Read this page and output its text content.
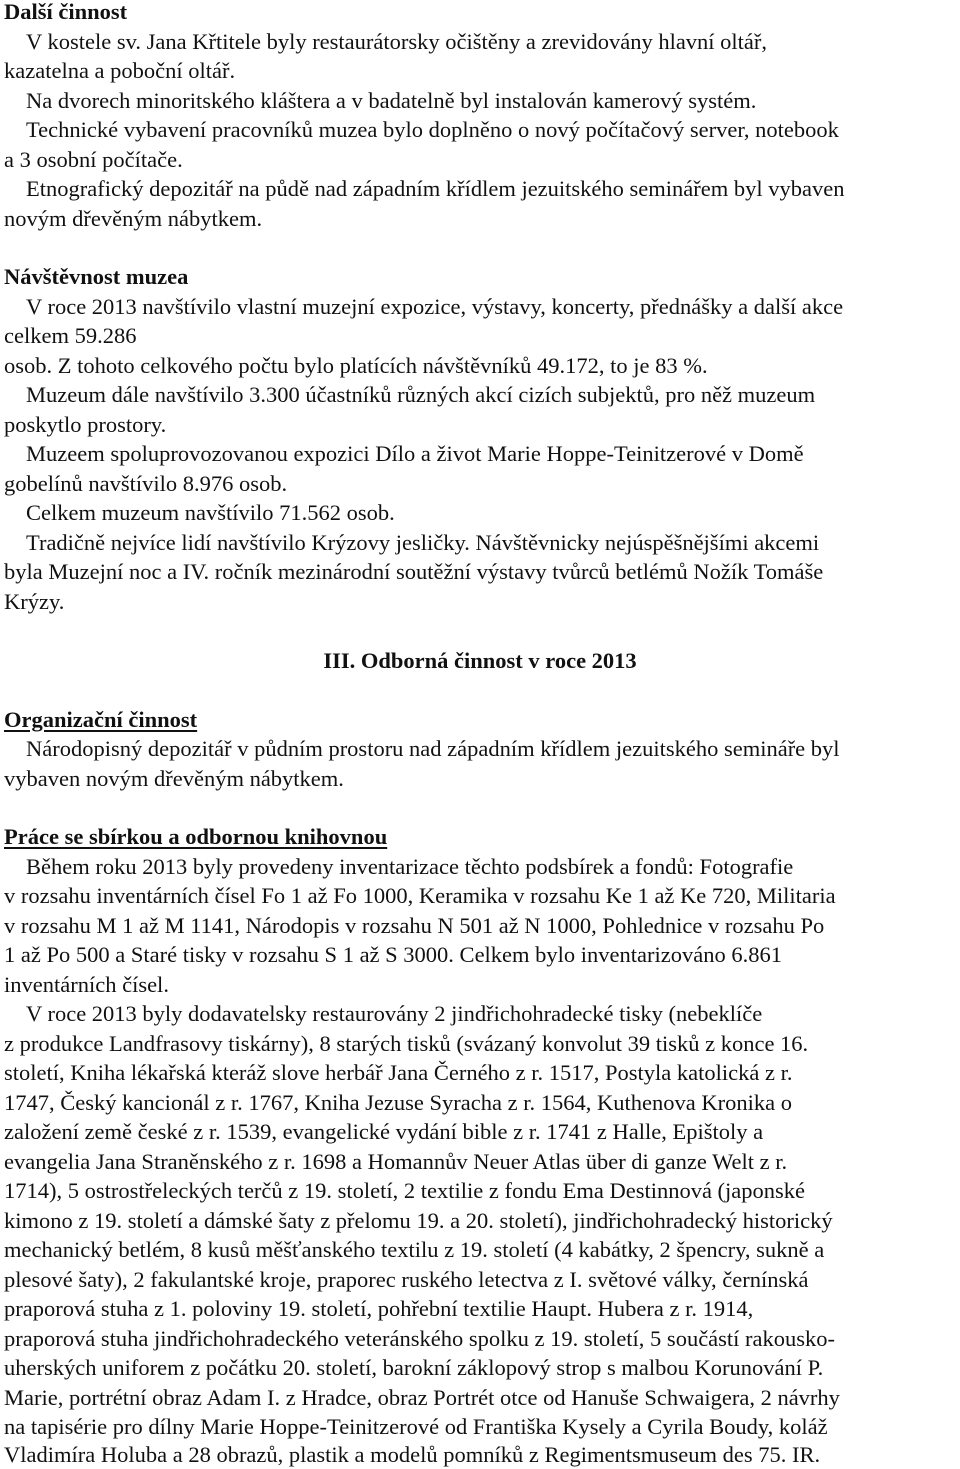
Další činnost
V kostele sv. Jana Křtitele byly restaurátorsky očištěny a zrevidovány hlavní oltář,
kazatelna a poboční oltář.
Na dvorech minoritského kláštera a v badatelně byl instalován kamerový systém.
Technické vybavení pracovníků muzea bylo doplněno o nový počítačový server, notebook
a 3 osobní počítače.
Etnografický depozitář na půdě nad západním křídlem jezuitského seminářem byl vybaven
novým dřevěným nábytkem.
Návštěvnost muzea
V roce 2013 navštívilo vlastní muzejní expozice, výstavy, koncerty, přednášky a další akce
celkem 59.286
osob. Z tohoto celkového počtu bylo platících návštěvníků 49.172, to je 83 %.
Muzeum dále navštívilo 3.300 účastníků různých akcí cizích subjektů, pro něž muzeum
poskytlo prostory.
Muzeem spoluprovozovanou expozici Dílo a život Marie Hoppe-Teinitzerové v Domě
gobelínů navštívilo 8.976 osob.
Celkem muzeum navštívilo 71.562 osob.
Tradičně nejvíce lidí navštívilo Krýzovy jesličky. Návštěvnicky nejúspěšnějšími akcemi
byla Muzejní noc a IV. ročník mezinárodní soutěžní výstavy tvůrců betlémů Nožík Tomáše
Krýzy.
III. Odborná činnost v roce 2013
Organizační činnost
Národopisný depozitář v půdním prostoru nad západním křídlem jezuitského semináře byl
vybaven novým dřevěným nábytkem.
Práce se sbírkou a odbornou knihovnou
Během roku 2013 byly provedeny inventarizace těchto podsbírek a fondů: Fotografie
v rozsahu inventárních čísel Fo 1 až Fo 1000, Keramika v rozsahu Ke 1 až Ke 720, Militaria
v rozsahu M 1 až M 1141, Národopis v rozsahu N 501 až N 1000, Pohlednice v rozsahu Po
1 až Po 500 a Staré tisky v rozsahu S 1 až S 3000. Celkem bylo inventarizováno 6.861
inventárních čísel.
V roce 2013 byly dodavatelsky restaurovány 2 jindřichohradecké tisky (nebeklíče
z produkce Landfrasovy tiskárny), 8 starých tisků (svázaný konvolut 39 tisků z konce 16.
století, Kniha lékařská kteráž slove herbář Jana Černého z r. 1517, Postyla katolická z r.
1747, Český kancionál z r. 1767, Kniha Jezuse Syracha z r. 1564, Kuthenova Kronika o
založení země české z r. 1539, evangelické vydání bible z r. 1741 z Halle, Epištoly a
evangelia Jana Straněnského z r. 1698 a Homannův Neuer Atlas über di ganze Welt z r.
1714), 5 ostrostřeleckých terčů z 19. století, 2 textilie z fondu Ema Destinnová (japonské
kimono z 19. století a dámské šaty z přelomu 19. a 20. století), jindřichohradecký historický
mechanický betlém, 8 kusů měšťanského textilu z 19. století (4 kabátky, 2 špencry, sukně a
plesové šaty), 2 fakulantské kroje, praporec ruského letectva z I. světové války, černínská
praporová stuha z 1. poloviny 19. století, pohřební textilie Haupt. Hubera z r. 1914,
praporová stuha jindřichohradeckého veteránského spolku z 19. století, 5 součástí rakousko-
uherských uniforem z počátku 20. století, barokní záklopový strop s malbou Korunování P.
Marie, portrétní obraz Adam I. z Hradce, obraz Portrét otce od Hanuše Schwaigera, 2 návrhy
na tapisérie pro dílny Marie Hoppe-Teinitzerové od Františka Kysely a Cyrila Boudy, koláž
Vladimíra Holuba a 28 obrazů, plastik a modelů pomníků z Regimentsmuseum des 75. IR.
